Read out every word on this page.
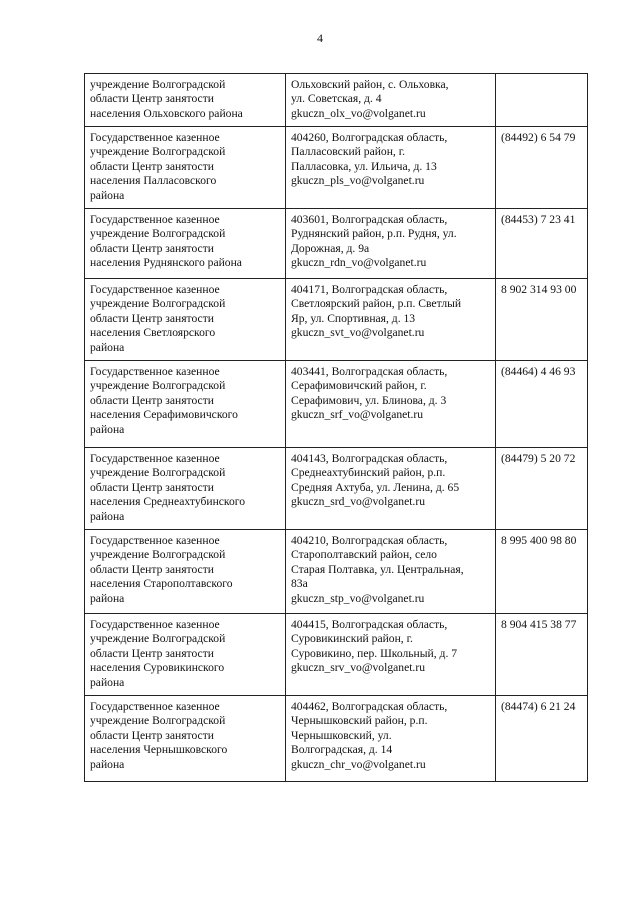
4
учреждение Волгоградской
области Центр занятости
населения Ольховского района	Ольховский район, с. Ольховка,
ул. Советская, д. 4
gkuczn_olx_vo@volganet.ru	

Государственное казенное
учреждение Волгоградской
области Центр занятости
населения Палласовского
района	404260, Волгоградская область,
Палласовский район, г.
Палласовка, ул. Ильича, д. 13
gkuczn_pls_vo@volganet.ru	(84492) 6 54 79

Государственное казенное
учреждение Волгоградской
области Центр занятости
населения Руднянского района	403601, Волгоградская область,
Руднянский район, р.п. Рудня, ул.
Дорожная, д. 9а
gkuczn_rdn_vo@volganet.ru	(84453) 7 23 41

Государственное казенное
учреждение Волгоградской
области Центр занятости
населения Светлоярского
района	404171, Волгоградская область,
Светлоярский район, р.п. Светлый
Яр, ул. Спортивная, д. 13
gkuczn_svt_vo@volganet.ru	8 902 314 93 00

Государственное казенное
учреждение Волгоградской
области Центр занятости
населения Серафимовичского
района	403441, Волгоградская область,
Серафимовичский район, г.
Серафимович, ул. Блинова, д. 3
gkuczn_srf_vo@volganet.ru	(84464) 4 46 93

Государственное казенное
учреждение Волгоградской
области Центр занятости
населения Среднеахтубинского
района	404143, Волгоградская область,
Среднеахтубинский район, р.п.
Средняя Ахтуба, ул. Ленина, д. 65
gkuczn_srd_vo@volganet.ru	(84479) 5 20 72

Государственное казенное
учреждение Волгоградской
области Центр занятости
населения Старополтавского
района	404210, Волгоградская область,
Старополтавский район, село
Старая Полтавка, ул. Центральная,
83а
gkuczn_stp_vo@volganet.ru	8 995 400 98 80

Государственное казенное
учреждение Волгоградской
области Центр занятости
населения Суровикинского
района	404415, Волгоградская область,
Суровикинский район, г.
Суровикино, пер. Школьный, д. 7
gkuczn_srv_vo@volganet.ru	8 904 415 38 77

Государственное казенное
учреждение Волгоградской
области Центр занятости
населения Чернышковского
района	404462, Волгоградская область,
Чернышковский район, р.п.
Чернышковский, ул.
Волгоградская, д. 14
gkuczn_chr_vo@volganet.ru	(84474) 6 21 24
